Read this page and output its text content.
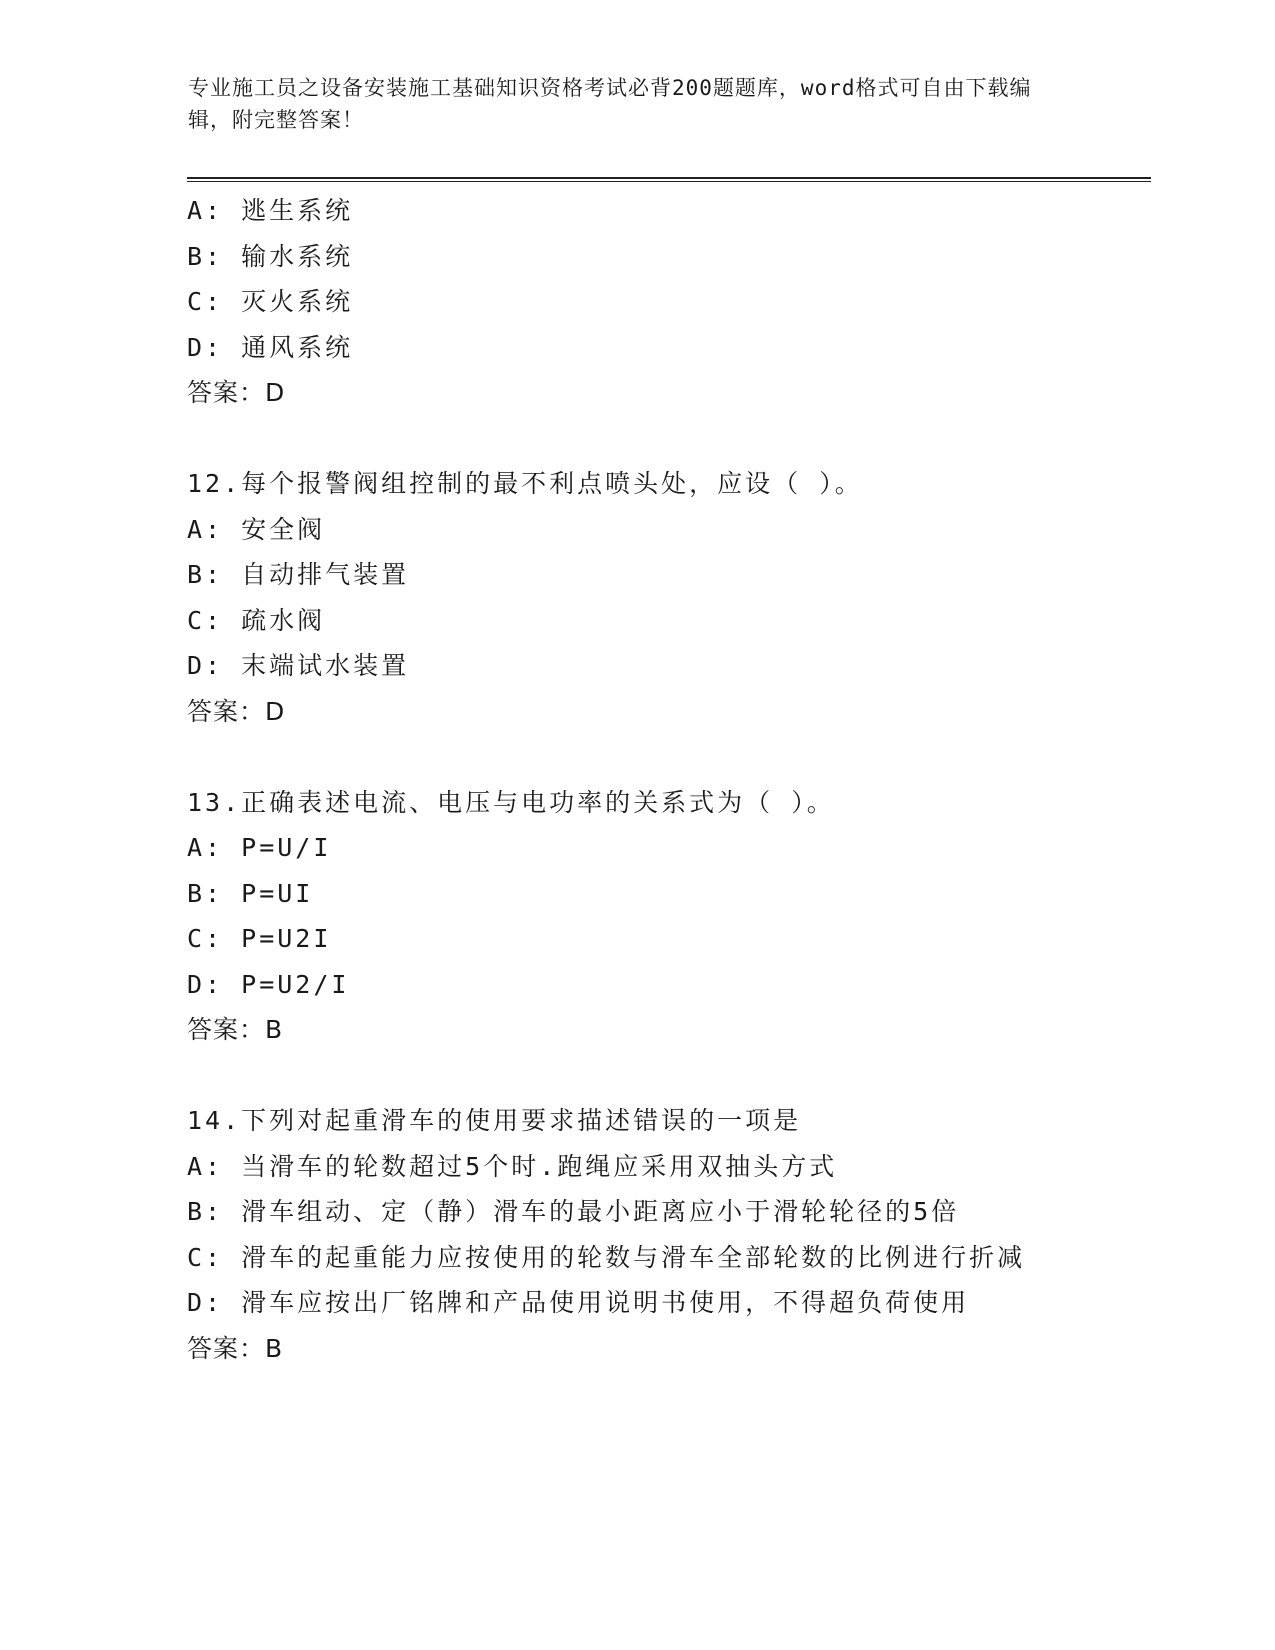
专业施工员之设备安装施工基础知识资格考试必背200题题库，word格式可自由下载编辑，附完整答案！
A: 逃生系统
B: 输水系统
C: 灭火系统
D: 通风系统
答案：D
12.每个报警阀组控制的最不利点喷头处，应设（ ）。
A: 安全阀
B: 自动排气装置
C: 疏水阀
D: 末端试水装置
答案：D
13.正确表述电流、电压与电功率的关系式为（ ）。
A: P=U/I
B: P=UI
C: P=U2I
D: P=U2/I
答案：B
14.下列对起重滑车的使用要求描述错误的一项是
A: 当滑车的轮数超过5个时.跑绳应采用双抽头方式
B: 滑车组动、定（静）滑车的最小距离应小于滑轮轮径的5倍
C: 滑车的起重能力应按使用的轮数与滑车全部轮数的比例进行折减
D: 滑车应按出厂铭牌和产品使用说明书使用，不得超负荷使用
答案：B
